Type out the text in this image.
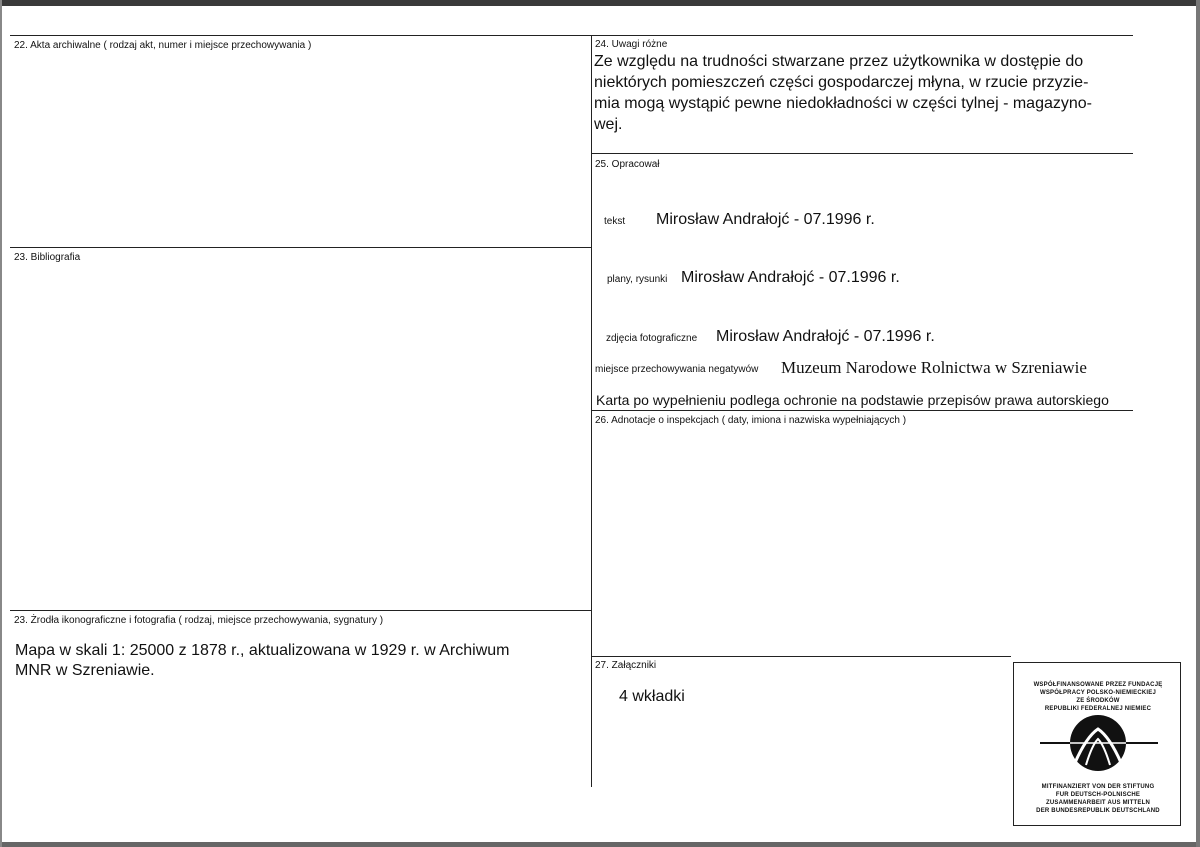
22. Akta archiwalne ( rodzaj akt, numer i miejsce przechowywania )
23. Bibliografia
23. Żrodła ikonograficzne i fotografia ( rodzaj, miejsce przechowywania, sygnatury )
Mapa w skali 1: 25000 z 1878 r., aktualizowana w 1929 r. w Archiwum
MNR w Szreniawie.
24. Uwagi różne
Ze względu na trudności stwarzane przez użytkownika w dostępie do
niektórych pomieszczeń części gospodarczej młyna, w rzucie przyzie-
mia mogą wystąpić pewne niedokładności w części tylnej - magazyno-
wej.
25. Opracował
tekst Mirosław Andrałojć - 07.1996 r.
plany, rysunki Mirosław Andrałojć - 07.1996 r.
zdjęcia fotograficzne Mirosław Andrałojć - 07.1996 r.
miejsce przechowywania negatywów Muzeum Narodowe Rolnictwa w Szreniawie
Karta po wypełnieniu podlega ochronie na podstawie przepisów prawa autorskiego
26. Adnotacje o inspekcjach ( daty, imiona i nazwiska wypełniających )
27. Załączniki
4 wkładki
WSPÓŁFINANSOWANE PRZEZ FUNDACJĘ
WSPÓŁPRACY POLSKO-NIEMIECKIEJ
ZE ŚRODKÓW
REPUBLIKI FEDERALNEJ NIEMIEC
MITFINANZIERT VON DER STIFTUNG
FUR DEUTSCH-POLNISCHE
ZUSAMMENARBEIT AUS MITTELN
DER BUNDESREPUBLIK DEUTSCHLAND
